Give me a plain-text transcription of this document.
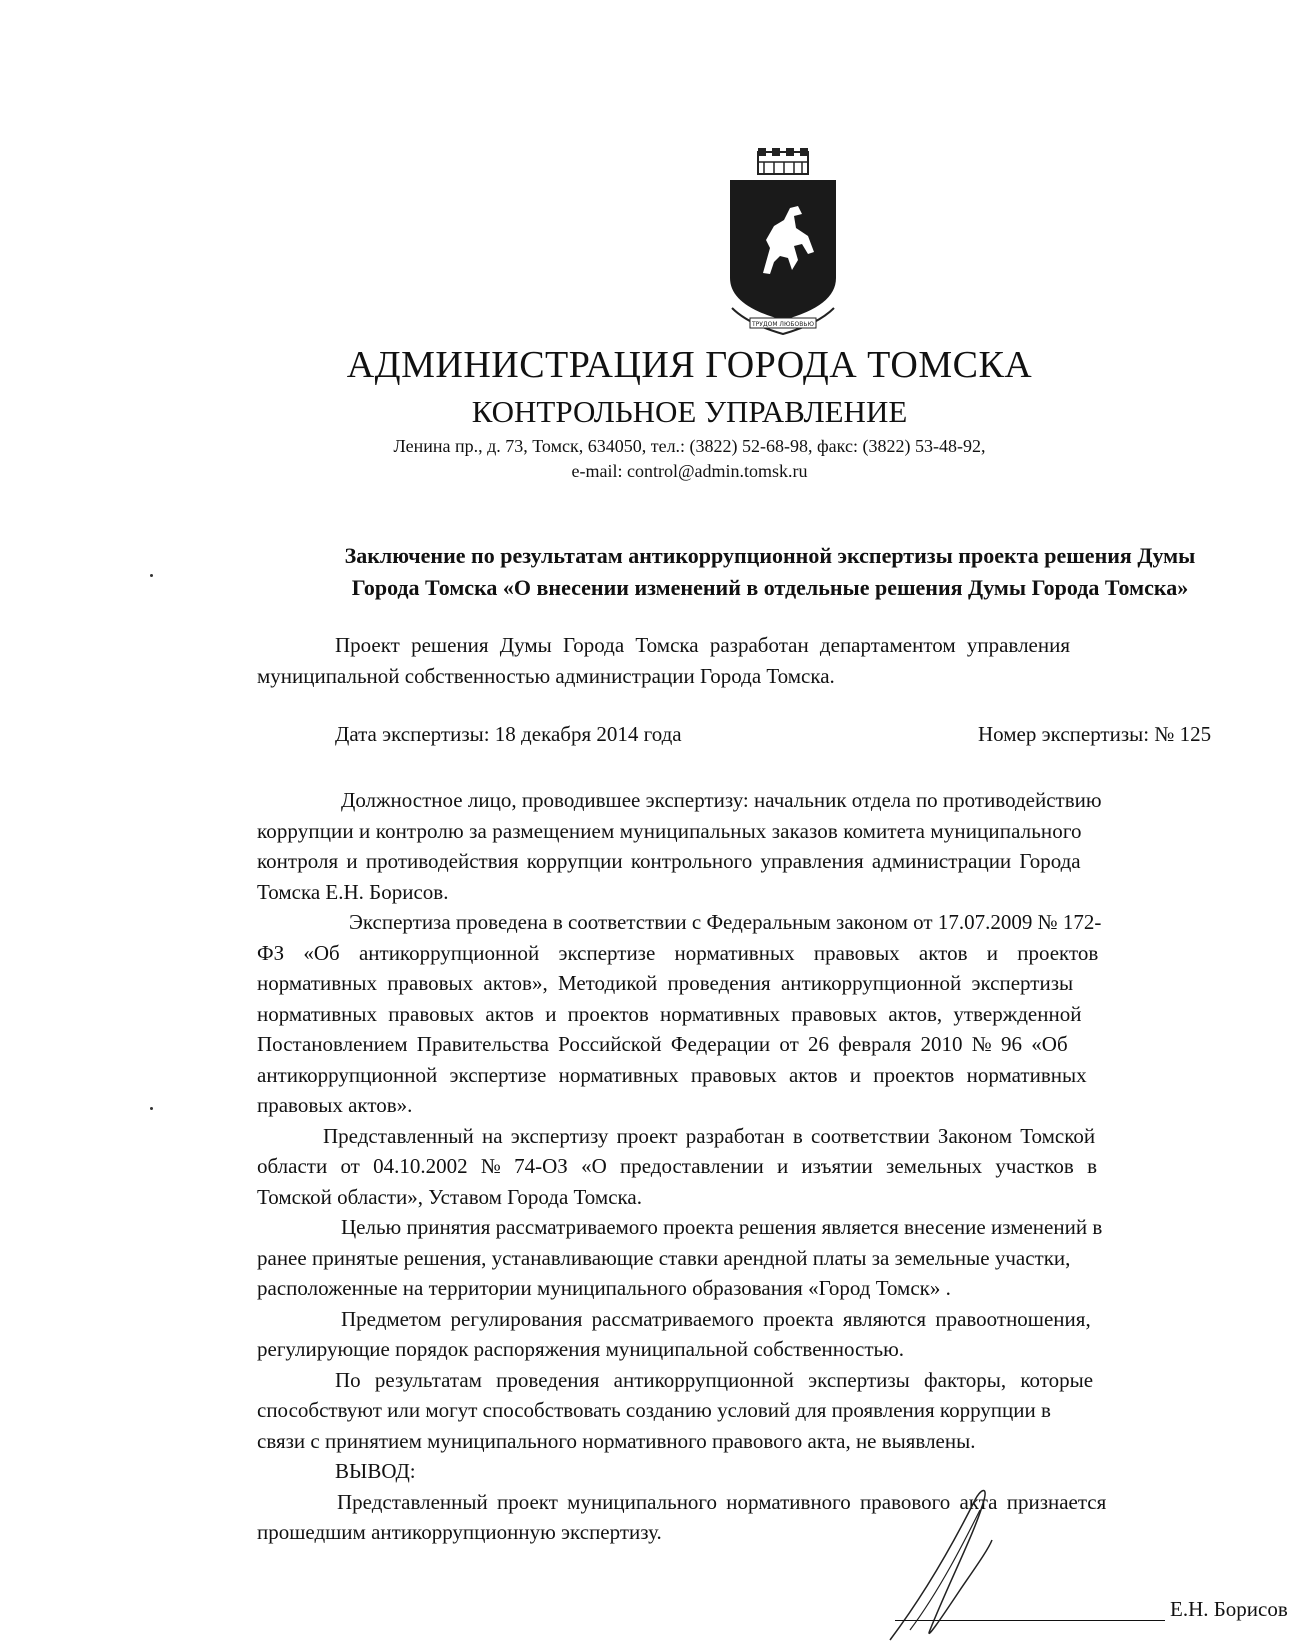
ТРУДОМ ЛЮБОВЬЮ
АДМИНИСТРАЦИЯ ГОРОДА ТОМСКА
КОНТРОЛЬНОЕ УПРАВЛЕНИЕ
Ленина пр., д. 73, Томск, 634050, тел.: (3822) 52-68-98, факс: (3822) 53-48-92,
e-mail: control@admin.tomsk.ru
Заключение по результатам антикоррупционной экспертизы проекта решения Думы
Города Томска «О внесении изменений в отдельные решения Думы Города Томска»
Проект решения Думы Города Томска разработан департаментом управления
муниципальной собственностью администрации Города Томска.
Дата экспертизы: 18 декабря 2014 года	Номер экспертизы: № 125
Должностное лицо, проводившее экспертизу: начальник отдела по противодействию
коррупции и контролю за размещением муниципальных заказов комитета муниципального
контроля и противодействия коррупции контрольного управления администрации Города
Томска Е.Н. Борисов.
Экспертиза проведена в соответствии с Федеральным законом от 17.07.2009 № 172-
ФЗ «Об антикоррупционной экспертизе нормативных правовых актов и проектов
нормативных правовых актов», Методикой проведения антикоррупционной экспертизы
нормативных правовых актов и проектов нормативных правовых актов, утвержденной
Постановлением Правительства Российской Федерации от 26 февраля 2010 № 96 «Об
антикоррупционной экспертизе нормативных правовых актов и проектов нормативных
правовых актов».
Представленный на экспертизу проект разработан в соответствии Законом Томской
области от 04.10.2002 № 74-ОЗ «О предоставлении и изъятии земельных участков в
Томской области», Уставом Города Томска.
Целью принятия рассматриваемого проекта решения является внесение изменений в
ранее принятые решения, устанавливающие ставки арендной платы за земельные участки,
расположенные на территории муниципального образования «Город Томск» .
Предметом регулирования рассматриваемого проекта являются правоотношения,
регулирующие порядок распоряжения муниципальной собственностью.
По результатам проведения антикоррупционной экспертизы факторы, которые
способствуют или могут способствовать созданию условий для проявления коррупции в
связи с принятием муниципального нормативного правового акта, не выявлены.
ВЫВОД:
Представленный проект муниципального нормативного правового акта признается
прошедшим антикоррупционную экспертизу.
Е.Н. Борисов
